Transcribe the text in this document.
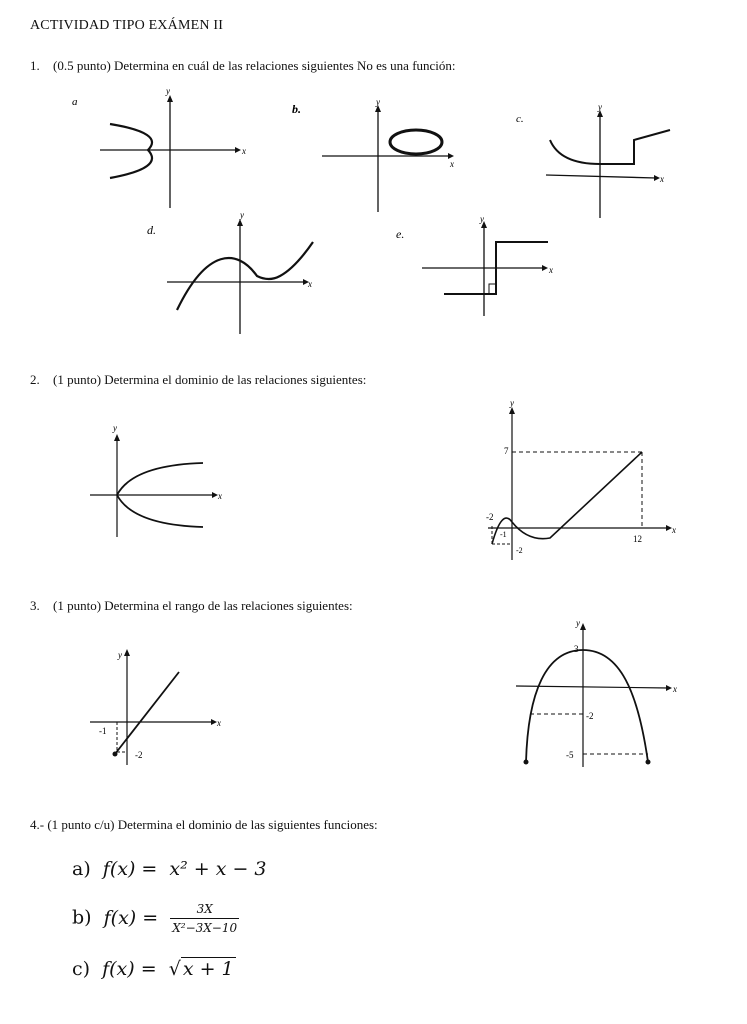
ACTIVIDAD TIPO EXÁMEN II
1. (0.5 punto) Determina en cuál de las relaciones siguientes No es una función:
a
x
y
b.
x
y
c.
x
y
d.
x
y
e.
x
y
2. (1 punto) Determina el dominio de las relaciones siguientes:
x
y
x
y
7
-2
-1
-2
12
3. (1 punto) Determina el rango de las relaciones siguientes:
x
y
-1
-2
x
y
3
-2
-5
4.- (1 punto c/u) Determina el dominio de las siguientes funciones:
a) f(x) = x² + x − 3
b) $f(x) = \frac{3X}{\text{X²−3X−10}}$
c) f(x) = √ x + 1
